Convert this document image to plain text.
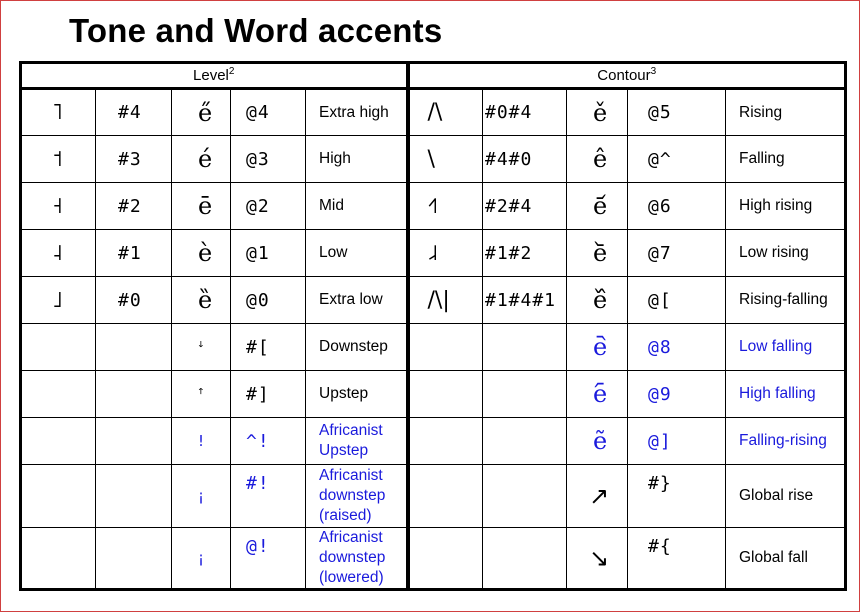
Tone and Word accents
Level$^2$					Contour$^3$

˥	#4	e̋	@4	Extra high	/\	#0#4	ě	@5	Rising

˦	#3	é	@3	High	\	#4#0	ê	@^	Falling

˧	#2	ē	@2	Mid	˧˥	#2#4	e᷄	@6	High rising

˨	#1	è	@1	Low	˩˨	#1#2	e᷅	@7	Low rising

˩	#0	ȅ	@0	Extra low	/\|	#1#4#1	e᷈	@[	Rising-falling

		ꜜ	#[	Downstep			e᷆	@8	Low falling

		ꜛ	#]	Upstep			e᷇	@9	High falling

		!	^!	Africanist Upstep			ẽ	@]	Falling-rising

		¡	#!	Africanist downstep (raised)			↗	#}	Global rise

		¡	@!	Africanist downstep (lowered)			↘	#{	Global fall
